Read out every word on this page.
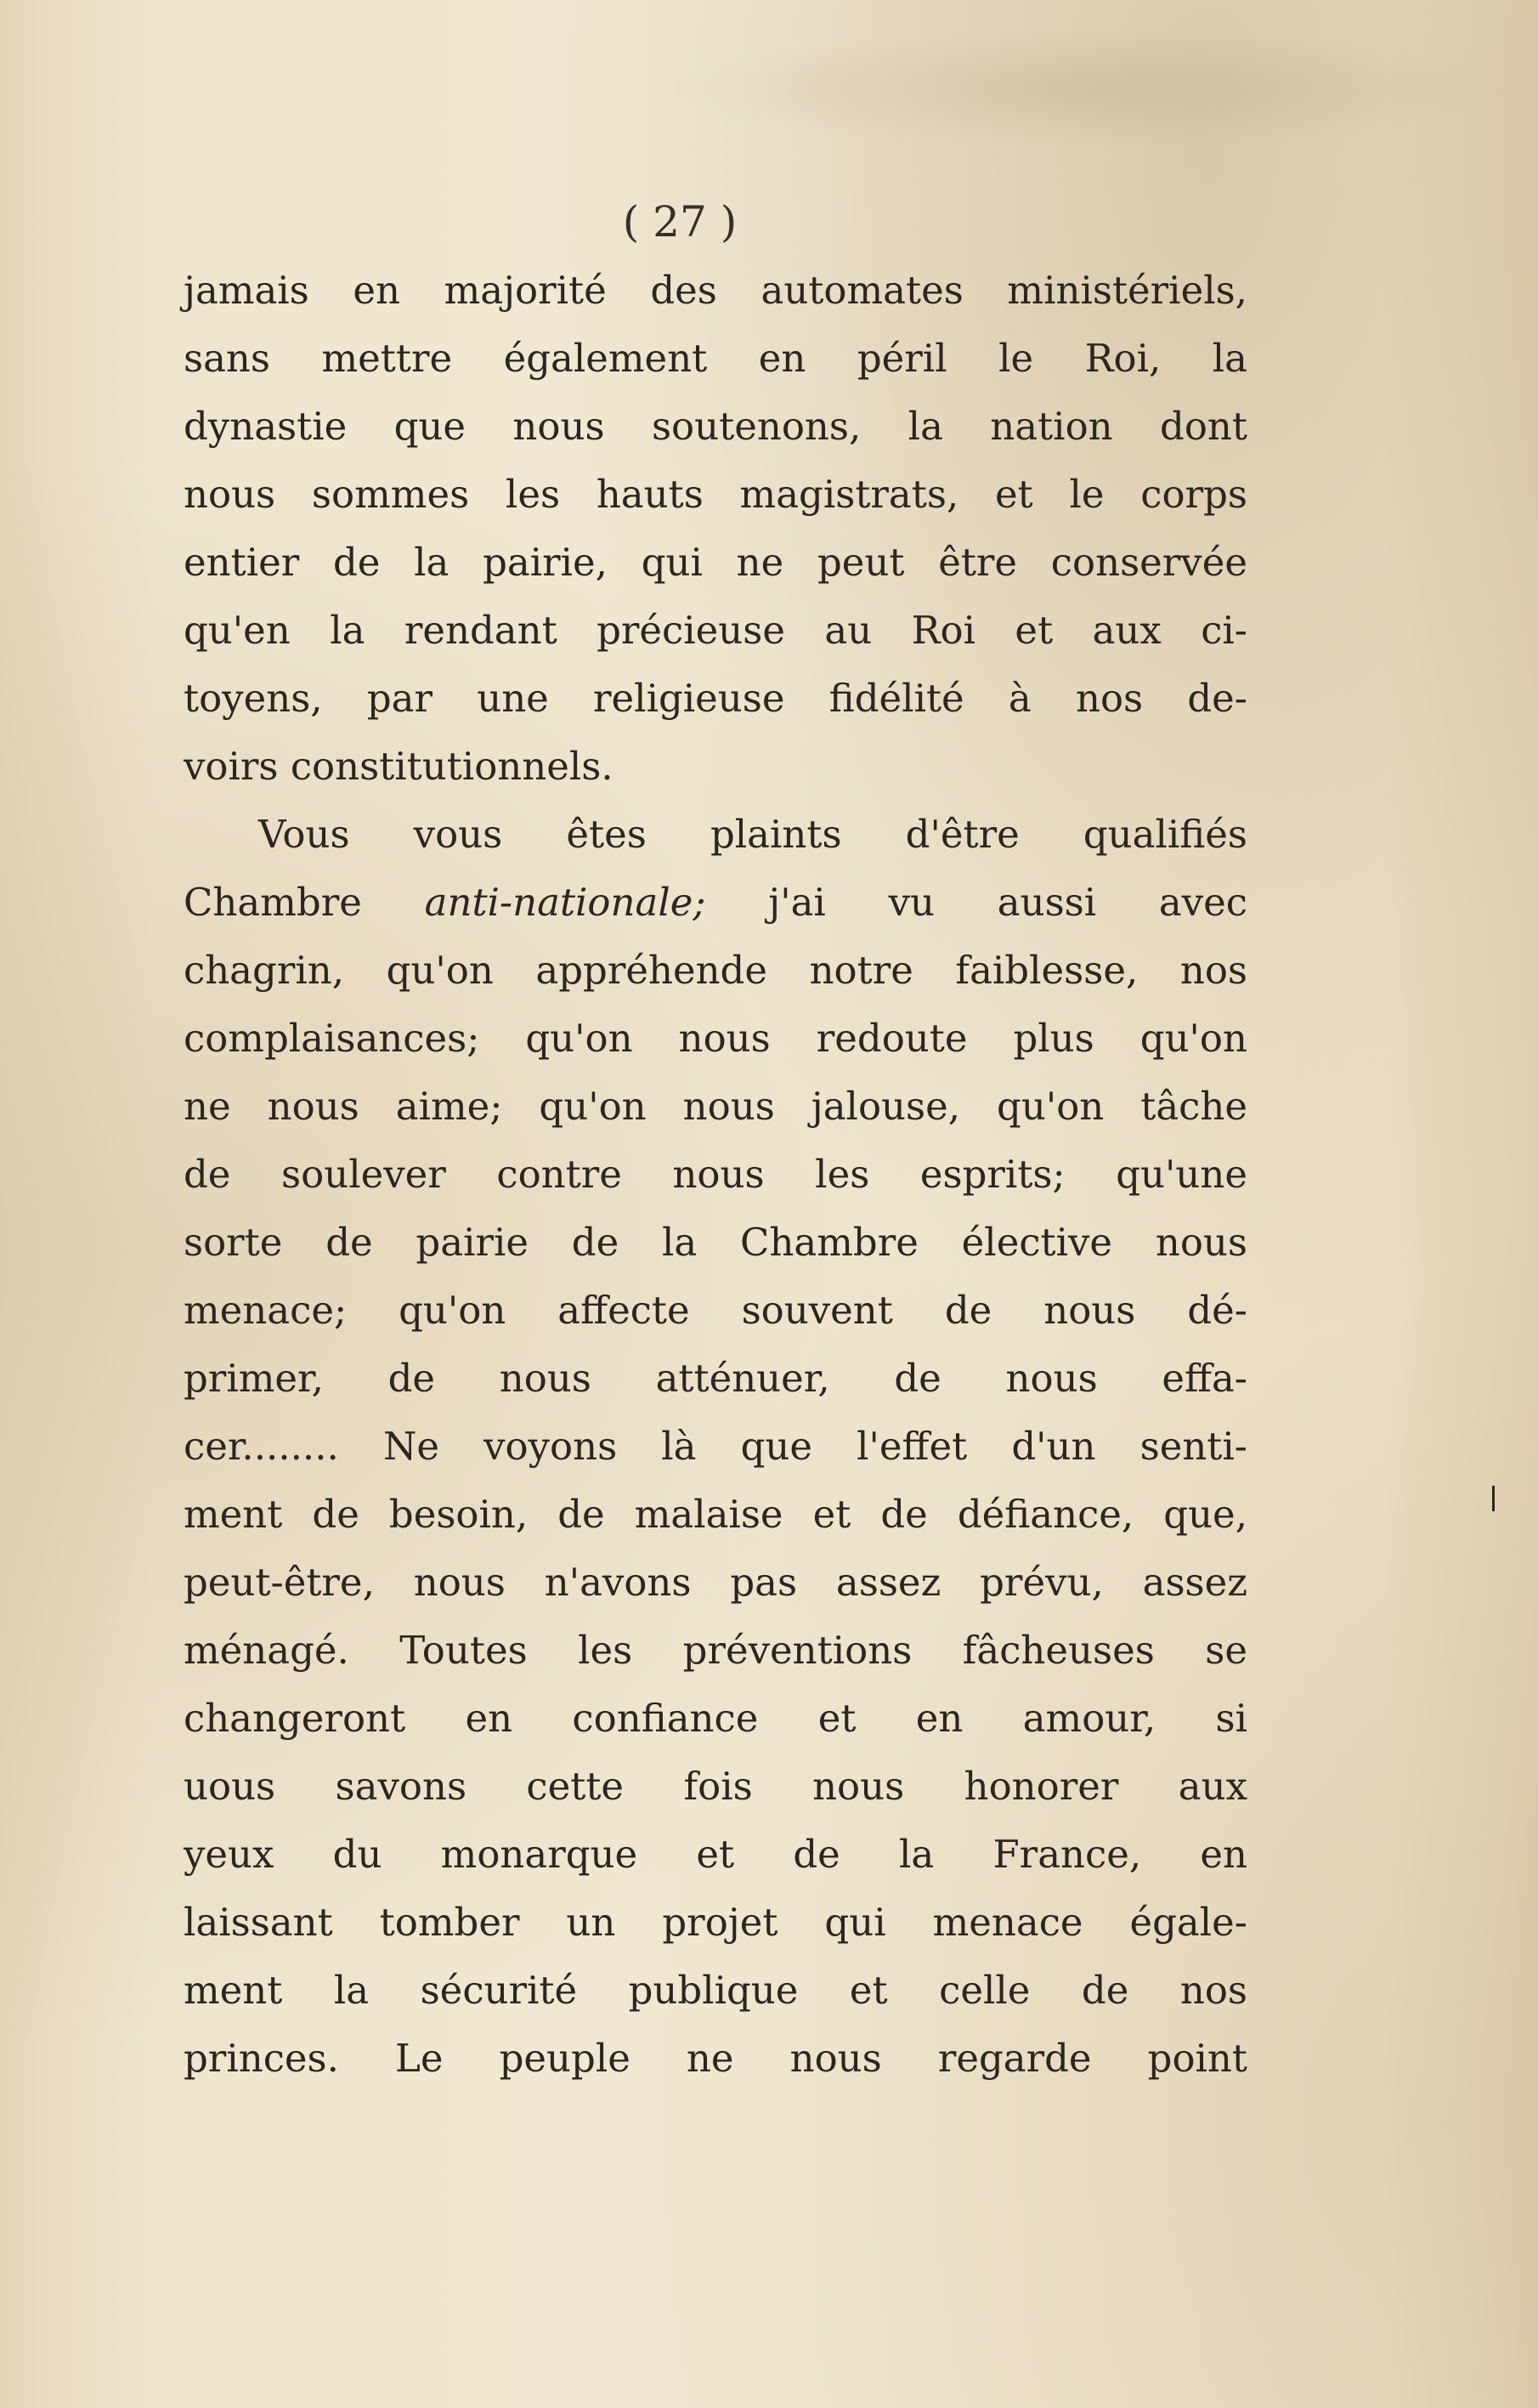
( 27 )
jamais en majorité des automates ministériels,
sans mettre également en péril le Roi, la
dynastie que nous soutenons, la nation dont
nous sommes les hauts magistrats, et le corps
entier de la pairie, qui ne peut être conservée
qu'en la rendant précieuse au Roi et aux ci-
toyens, par une religieuse fidélité à nos de-
voirs constitutionnels.
Vous vous êtes plaints d'être qualifiés
Chambre anti-nationale; j'ai vu aussi avec
chagrin, qu'on appréhende notre faiblesse, nos
complaisances; qu'on nous redoute plus qu'on
ne nous aime; qu'on nous jalouse, qu'on tâche
de soulever contre nous les esprits; qu'une
sorte de pairie de la Chambre élective nous
menace; qu'on affecte souvent de nous dé-
primer, de nous atténuer, de nous effa-
cer........ Ne voyons là que l'effet d'un senti-
ment de besoin, de malaise et de défiance, que,
peut-être, nous n'avons pas assez prévu, assez
ménagé. Toutes les préventions fâcheuses se
changeront en confiance et en amour, si
uous savons cette fois nous honorer aux
yeux du monarque et de la France, en
laissant tomber un projet qui menace égale-
ment la sécurité publique et celle de nos
princes. Le peuple ne nous regarde point
